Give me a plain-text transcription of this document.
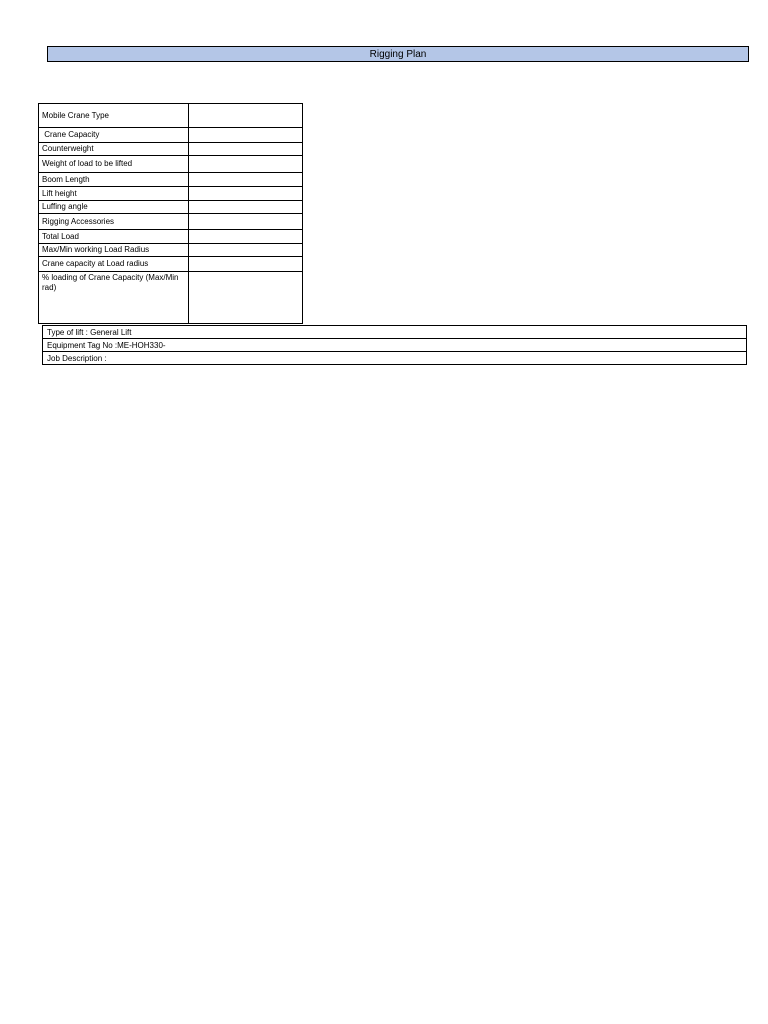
Rigging Plan
Mobile Crane Type	
Crane Capacity	
Counterweight	
Weight of load to be lifted	
Boom Length	
Lift height	
Luffing angle	
Rigging Accessories	
Total Load	
Max/Min working Load Radius	
Crane capacity at Load radius	
% loading of Crane Capacity (Max/Min rad)	
Type of lift : General Lift
Equipment Tag No :ME-HOH330-
Job Description :
